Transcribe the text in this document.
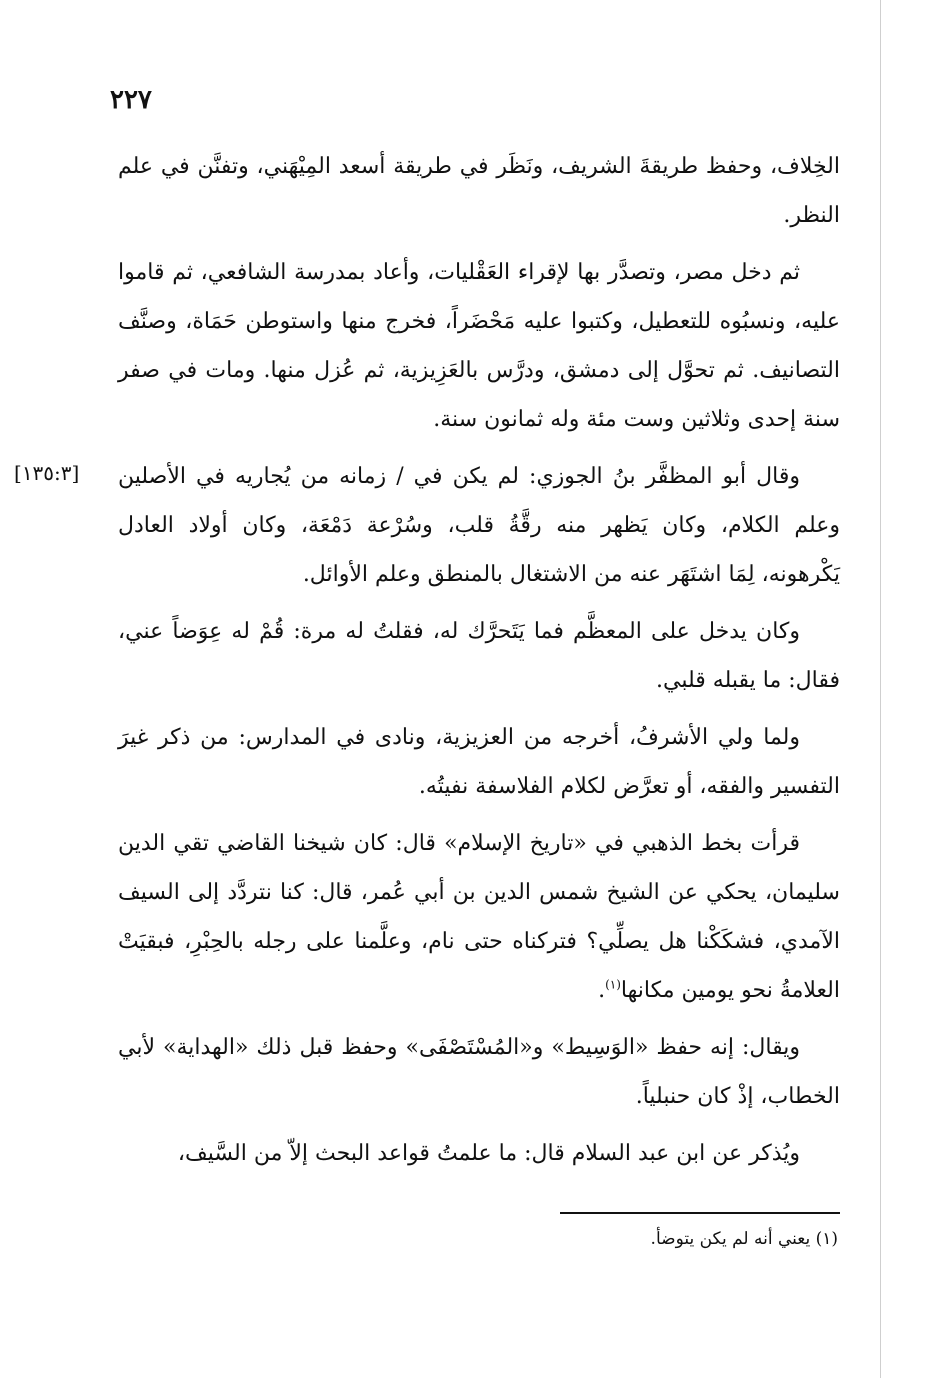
٢٢٧
[١٣٥:٣]

الخِلاف، وحفظ طريقةَ الشريف، ونَظَر في طريقة أسعد المِيْهَني، وتفنَّن في علم النظر.

ثم دخل مصر، وتصدَّر بها لإقراء العَقْليات، وأعاد بمدرسة الشافعي، ثم قاموا عليه، ونسبُوه للتعطيل، وكتبوا عليه مَحْضَراً، فخرج منها واستوطن حَمَاة، وصنَّف التصانيف. ثم تحوَّل إلى دمشق، ودرَّس بالعَزِيزية، ثم عُزل منها. ومات في صفر سنة إحدى وثلاثين وست مئة وله ثمانون سنة.

وقال أبو المظفَّر بنُ الجوزي: لم يكن في / زمانه من يُجاريه في الأصلين وعلم الكلام، وكان يَظهر منه رقَّةُ قلب، وسُرْعة دَمْعَة، وكان أولاد العادل يَكْرهونه، لِمَا اشتَهَر عنه من الاشتغال بالمنطق وعلم الأوائل.

وكان يدخل على المعظَّم فما يَتَحرَّك له، فقلتُ له مرة: قُمْ له عِوَضاً عني، فقال: ما يقبله قلبي.

ولما ولي الأشرفُ، أخرجه من العزيزية، ونادى في المدارس: من ذكر غيرَ التفسير والفقه، أو تعرَّض لكلام الفلاسفة نفيتُه.

قرأت بخط الذهبي في «تاريخ الإسلام» قال: كان شيخنا القاضي تقي الدين سليمان، يحكي عن الشيخ شمس الدين بن أبي عُمر، قال: كنا نتردَّد إلى السيف الآمدي، فشكَكْنا هل يصلِّي؟ فتركناه حتى نام، وعلَّمنا على رجله بالحِبْرِ، فبقيَتْ العلامةُ نحو يومين مكانها$^{(١)}$.

ويقال: إنه حفظ «الوَسِيط» و«المُسْتَصْفَى» وحفظ قبل ذلك «الهداية» لأبي الخطاب، إذْ كان حنبلياً.

ويُذكر عن ابن عبد السلام قال: ما علمتُ قواعد البحث إلاّ من السَّيف،

(١) يعني أنه لم يكن يتوضأ.
